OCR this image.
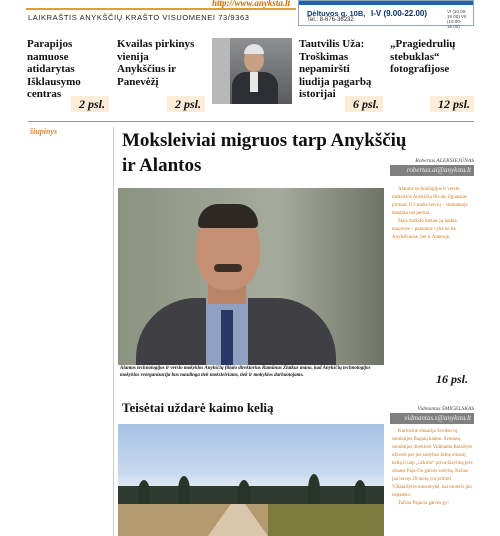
http://www.anyksta.lt
LAIKRAŠTIS ANYKŠČIŲ KRAŠTO VISUOMENEI 73/9363	Dėltuvos g. 10B,
Tel.: 8-676-36232
I-V (9.00-22.00)	VI (10.00-18.00) VII (10.00-16.00)
Parapijos
namuose
atidarytas
Išklausymo
centras
2 psl.
Kvailas pirkinys
vienija
Anykščius ir
Panevėžį
2 psl.
Tautvilis Uža:
Troškimas
nepamiršti
liudija pagarbą
istorijai
6 psl.
„Pragiedrulių
stebuklas“
fotografijose
12 psl.
šiupinys	Moksleiviai migruos tarp Anykščių
ir Alantos	Robertas ALEKSIEJŪNAS
robertas.ai@anyksta.lt
Alantos technologijos ir verslo mokyklos Anykščių filialo direktorius Ramūnas Zlatkus mano, kad Anykščių technologijos mokyklos reorganizacija bus naudinga tiek moksleiviams, tiek ir mokyklos darbuotojams.	16 psl.

Alantos technologijos ir verslo mokyklos Anykščių fili-alo ilgiausias pirmais 113 moks-leivių – stomatuoja dangiau nei pernai.

Šiais mokslo metais jų laukia naujovės – pamokos vyks ne tik Anykščiuose, bet ir Alantoje.

Teisėtai uždarė kaimo kelią	Vidmantas ŠMIGELSKAS
vidmantas.s@anyksta.lt

Kuriozinė situacija Svedsu-ių seniūnijos Bagaių kaime. Svėdasų seniūnijos direktorė Vidmanta Balaišytė užvertė per jos sodybos žemę einantį kelią ir taip „užkirto“ priva-žiavimą prie sūnaus Paja-čio gatvės sodybą. Kelias jau buvęs 20 metų yra priimti V.Balaišytės nuosavybė, kai moteris juo nepateko.

Tačiau Pajacio gatvės gy-
